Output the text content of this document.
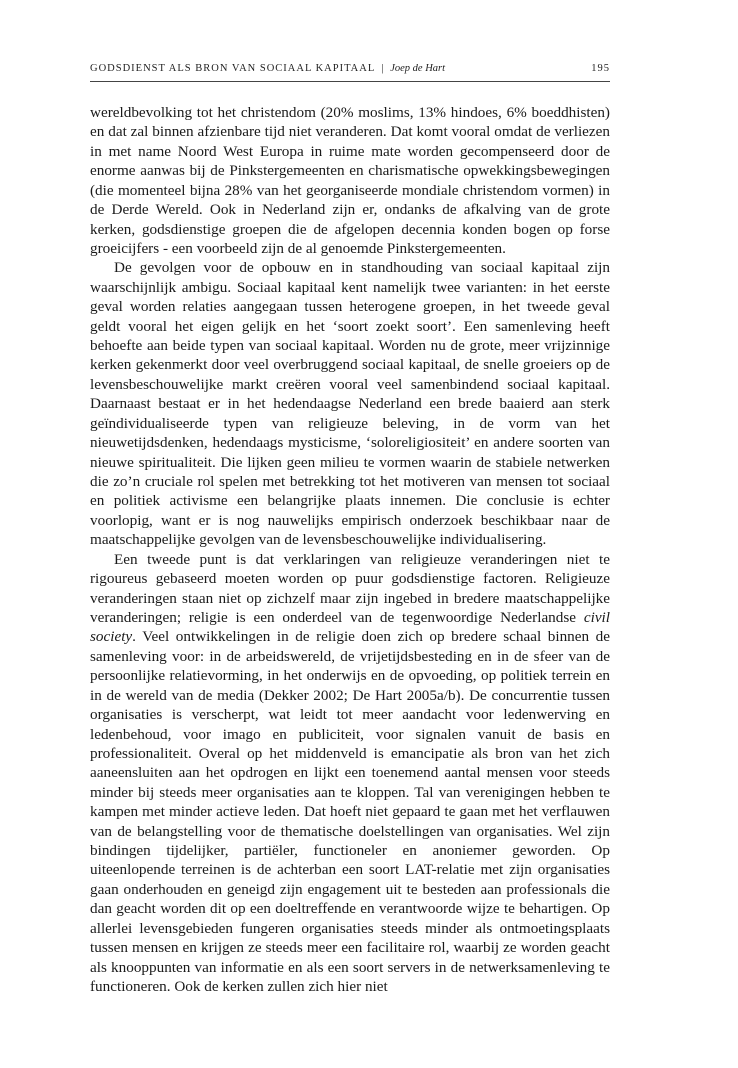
GODSDIENST ALS BRON VAN SOCIAAL KAPITAAL | Joep de Hart	195

wereldbevolking tot het christendom (20% moslims, 13% hindoes, 6% boeddhisten) en dat zal binnen afzienbare tijd niet veranderen. Dat komt vooral omdat de verliezen in met name Noord West Europa in ruime mate worden gecompenseerd door de enorme aanwas bij de Pinkstergemeenten en charismatische opwekkingsbewegingen (die momenteel bijna 28% van het georganiseerde mondiale christendom vormen) in de Derde Wereld. Ook in Nederland zijn er, ondanks de afkalving van de grote kerken, godsdienstige groepen die de afgelopen decennia konden bogen op forse groeicijfers - een voorbeeld zijn de al genoemde Pinkstergemeenten.

De gevolgen voor de opbouw en in standhouding van sociaal kapitaal zijn waarschijnlijk ambigu. Sociaal kapitaal kent namelijk twee varianten: in het eerste geval worden relaties aangegaan tussen heterogene groepen, in het tweede geval geldt vooral het eigen gelijk en het ‘soort zoekt soort’. Een samenleving heeft behoefte aan beide typen van sociaal kapitaal. Worden nu de grote, meer vrijzinnige kerken gekenmerkt door veel overbruggend sociaal kapitaal, de snelle groeiers op de levensbeschouwelijke markt creëren vooral veel samenbindend sociaal kapitaal. Daarnaast bestaat er in het hedendaagse Nederland een brede baaierd aan sterk geïndividualiseerde typen van religieuze beleving, in de vorm van het nieuwetijdsdenken, hedendaags mysticisme, ‘soloreligiositeit’ en andere soorten van nieuwe spiritualiteit. Die lijken geen milieu te vormen waarin de stabiele netwerken die zo’n cruciale rol spelen met betrekking tot het motiveren van mensen tot sociaal en politiek activisme een belangrijke plaats innemen. Die conclusie is echter voorlopig, want er is nog nauwelijks empirisch onderzoek beschikbaar naar de maatschappelijke gevolgen van de levensbeschouwelijke individualisering.

Een tweede punt is dat verklaringen van religieuze veranderingen niet te rigoureus gebaseerd moeten worden op puur godsdienstige factoren. Religieuze veranderingen staan niet op zichzelf maar zijn ingebed in bredere maatschappelijke veranderingen; religie is een onderdeel van de tegenwoordige Nederlandse civil society. Veel ontwikkelingen in de religie doen zich op bredere schaal binnen de samenleving voor: in de arbeidswereld, de vrijetijdsbesteding en in de sfeer van de persoonlijke relatievorming, in het onderwijs en de opvoeding, op politiek terrein en in de wereld van de media (Dekker 2002; De Hart 2005a/b). De concurrentie tussen organisaties is verscherpt, wat leidt tot meer aandacht voor ledenwerving en ledenbehoud, voor imago en publiciteit, voor signalen vanuit de basis en professionaliteit. Overal op het middenveld is emancipatie als bron van het zich aaneensluiten aan het opdrogen en lijkt een toenemend aantal mensen voor steeds minder bij steeds meer organisaties aan te kloppen. Tal van verenigingen hebben te kampen met minder actieve leden. Dat hoeft niet gepaard te gaan met het verflauwen van de belangstelling voor de thematische doelstellingen van organisaties. Wel zijn bindingen tijdelijker, partiëler, functioneler en anoniemer geworden. Op uiteenlopende terreinen is de achterban een soort LAT-relatie met zijn organisaties gaan onderhouden en geneigd zijn engagement uit te besteden aan professionals die dan geacht worden dit op een doeltreffende en verantwoorde wijze te behartigen. Op allerlei levensgebieden fungeren organisaties steeds minder als ontmoetingsplaats tussen mensen en krijgen ze steeds meer een facilitaire rol, waarbij ze worden geacht als knooppunten van informatie en als een soort servers in de netwerksamenleving te functioneren. Ook de kerken zullen zich hier niet
